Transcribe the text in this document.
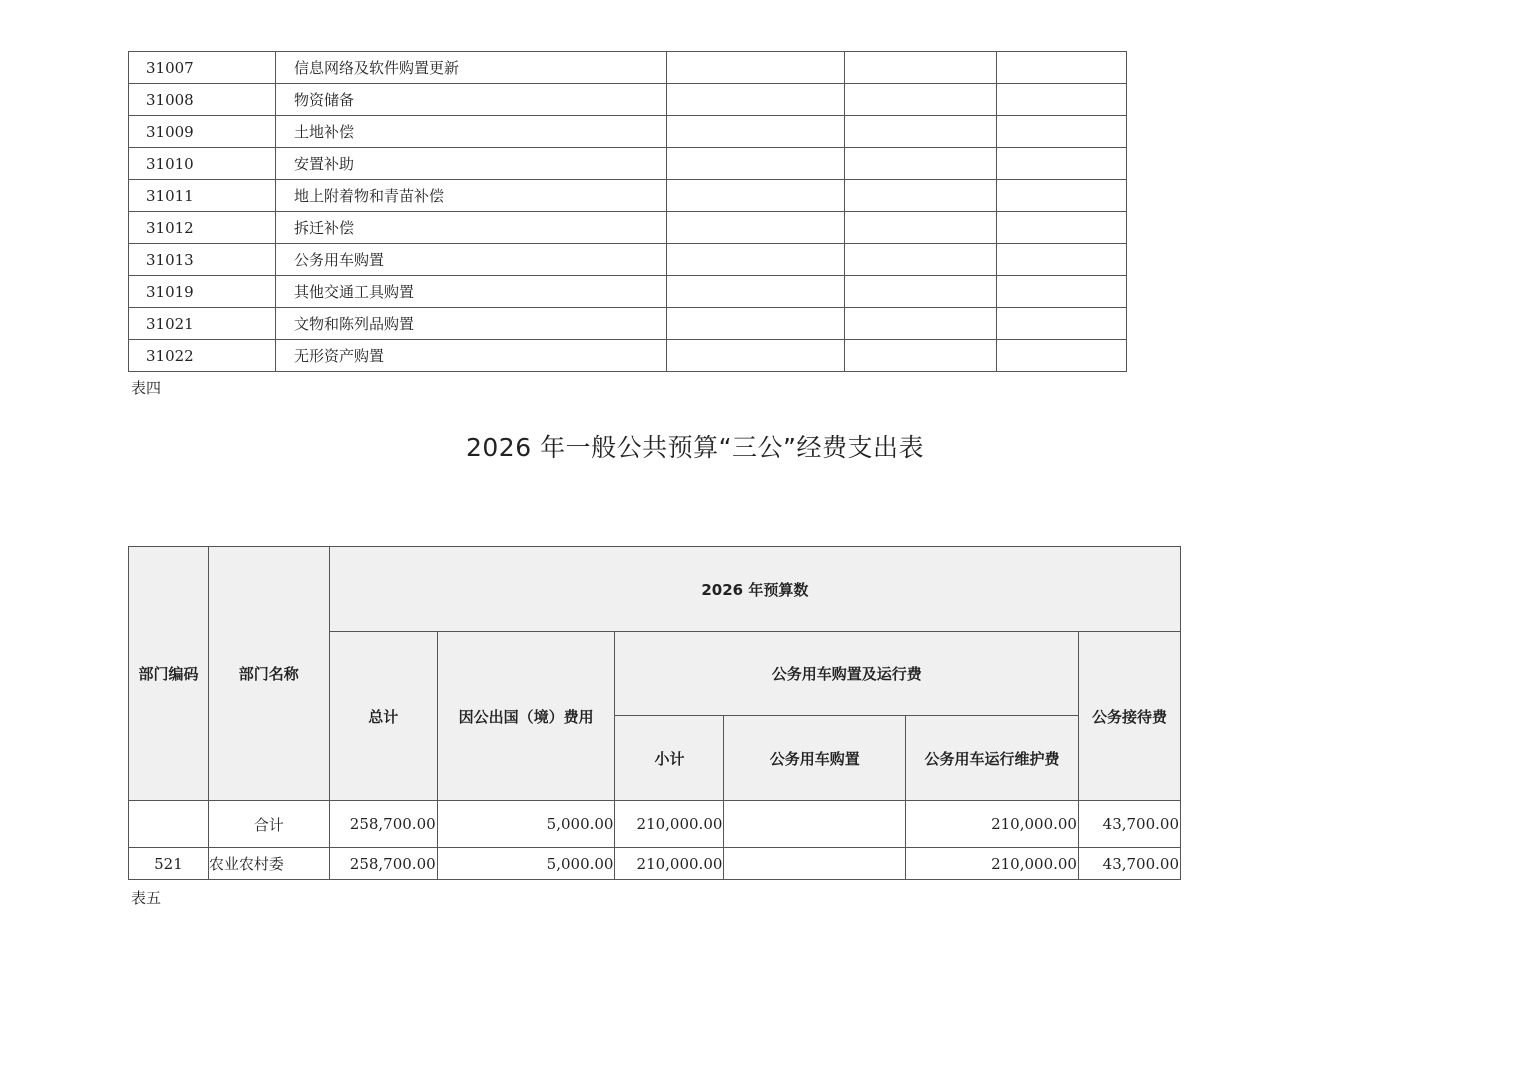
31007	信息网络及软件购置更新			
31008	物资储备			
31009	土地补偿			
31010	安置补助			
31011	地上附着物和青苗补偿			
31012	拆迁补偿			
31013	公务用车购置			
31019	其他交通工具购置			
31021	文物和陈列品购置			
31022	无形资产购置			
表四
2026 年一般公共预算“三公”经费支出表
部门编码	部门名称	2026 年预算数					
		总计	因公出国（境）费用	公务用车购置及运行费			公务接待费
				小计	公务用车购置	公务用车运行维护费	
	合计	258,700.00	5,000.00	210,000.00		210,000.00	43,700.00
521	农业农村委	258,700.00	5,000.00	210,000.00		210,000.00	43,700.00
表五
